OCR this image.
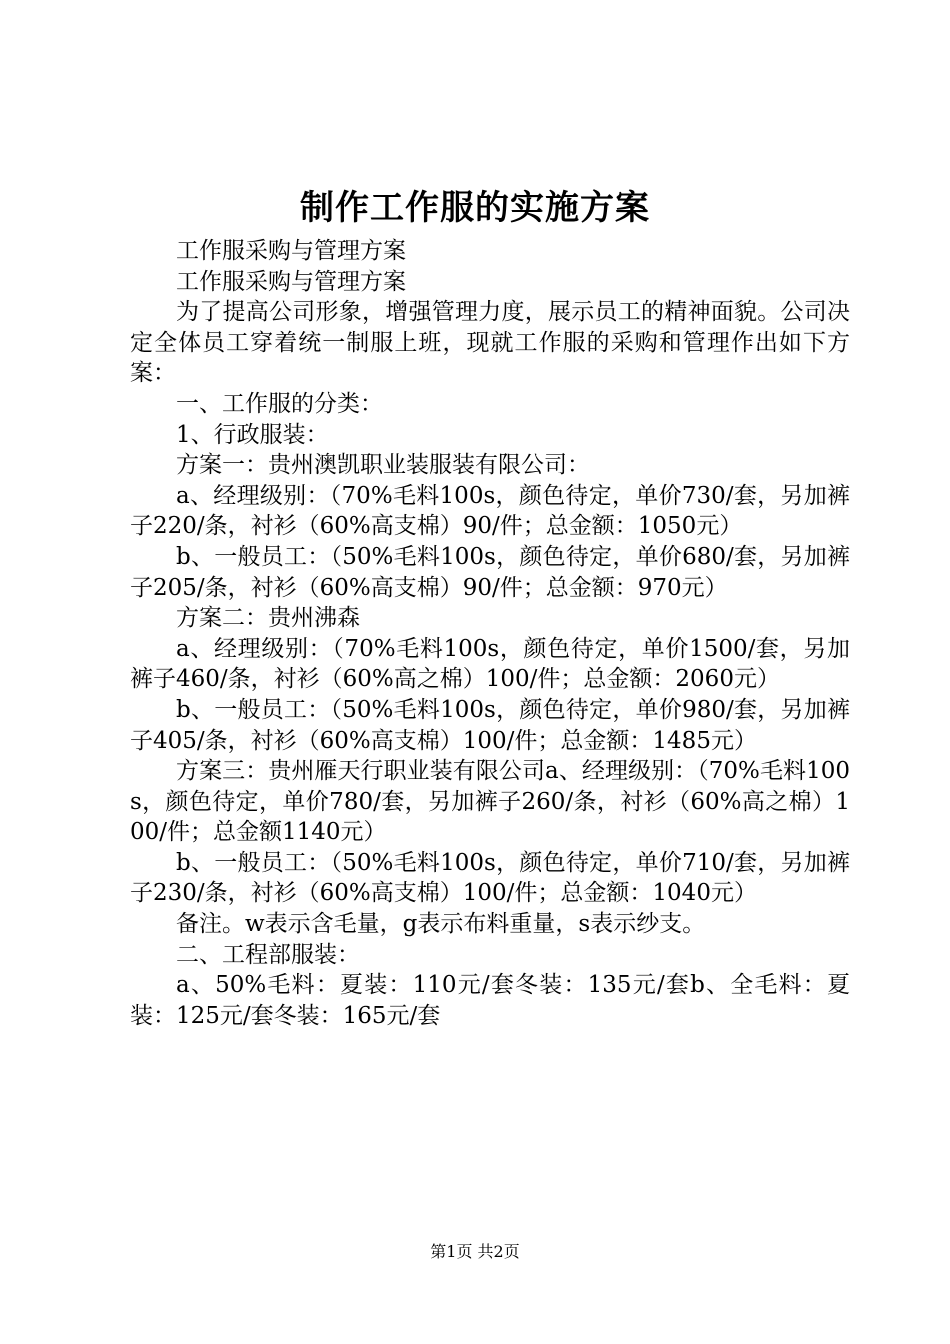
制作工作服的实施方案

工作服采购与管理方案

工作服采购与管理方案

为了提高公司形象，增强管理力度，展示员工的精神面貌。公司决定全体员工穿着统一制服上班，现就工作服的采购和管理作出如下方案：

一、工作服的分类：

1、行政服装：

方案一：贵州澳凯职业装服装有限公司：

a、经理级别：（70%毛料100s，颜色待定，单价730/套，另加裤子220/条，衬衫（60%高支棉）90/件；总金额：1050元）

b、一般员工：（50%毛料100s，颜色待定，单价680/套，另加裤子205/条，衬衫（60%高支棉）90/件；总金额：970元）

方案二：贵州沸森

a、经理级别：（70%毛料100s，颜色待定，单价1500/套，另加裤子460/条，衬衫（60%高之棉）100/件；总金额：2060元）

b、一般员工：（50%毛料100s，颜色待定，单价980/套，另加裤子405/条，衬衫（60%高支棉）100/件；总金额：1485元）

方案三：贵州雁天行职业装有限公司a、经理级别：（70%毛料100s，颜色待定，单价780/套，另加裤子260/条，衬衫（60%高之棉）100/件；总金额1140元）

b、一般员工：（50%毛料100s，颜色待定，单价710/套，另加裤子230/条，衬衫（60%高支棉）100/件；总金额：1040元）

备注。w表示含毛量，g表示布料重量，s表示纱支。

二、工程部服装：

a、50%毛料：夏装：110元/套冬装：135元/套b、全毛料：夏装：125元/套冬装：165元/套

第1页 共2页
